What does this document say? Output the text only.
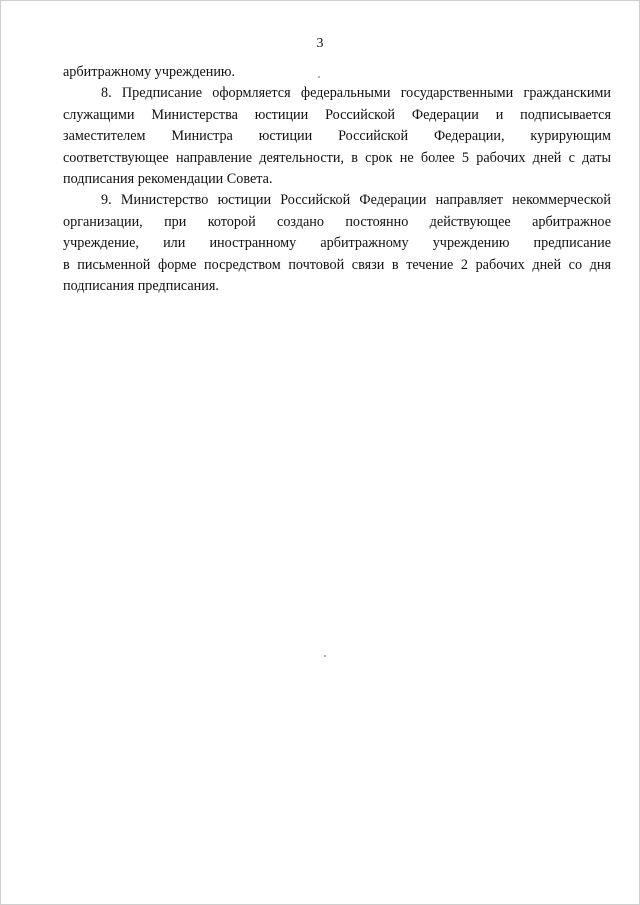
3
арбитражному учреждению.
8. Предписание оформляется федеральными государственными гражданскими
служащими Министерства юстиции Российской Федерации и подписывается
заместителем Министра юстиции Российской Федерации, курирующим
соответствующее направление деятельности, в срок не более 5 рабочих дней с даты
подписания рекомендации Совета.
9. Министерство юстиции Российской Федерации направляет некоммерческой
организации, при которой создано постоянно действующее арбитражное
учреждение, или иностранному арбитражному учреждению предписание
в письменной форме посредством почтовой связи в течение 2 рабочих дней со дня
подписания предписания.
